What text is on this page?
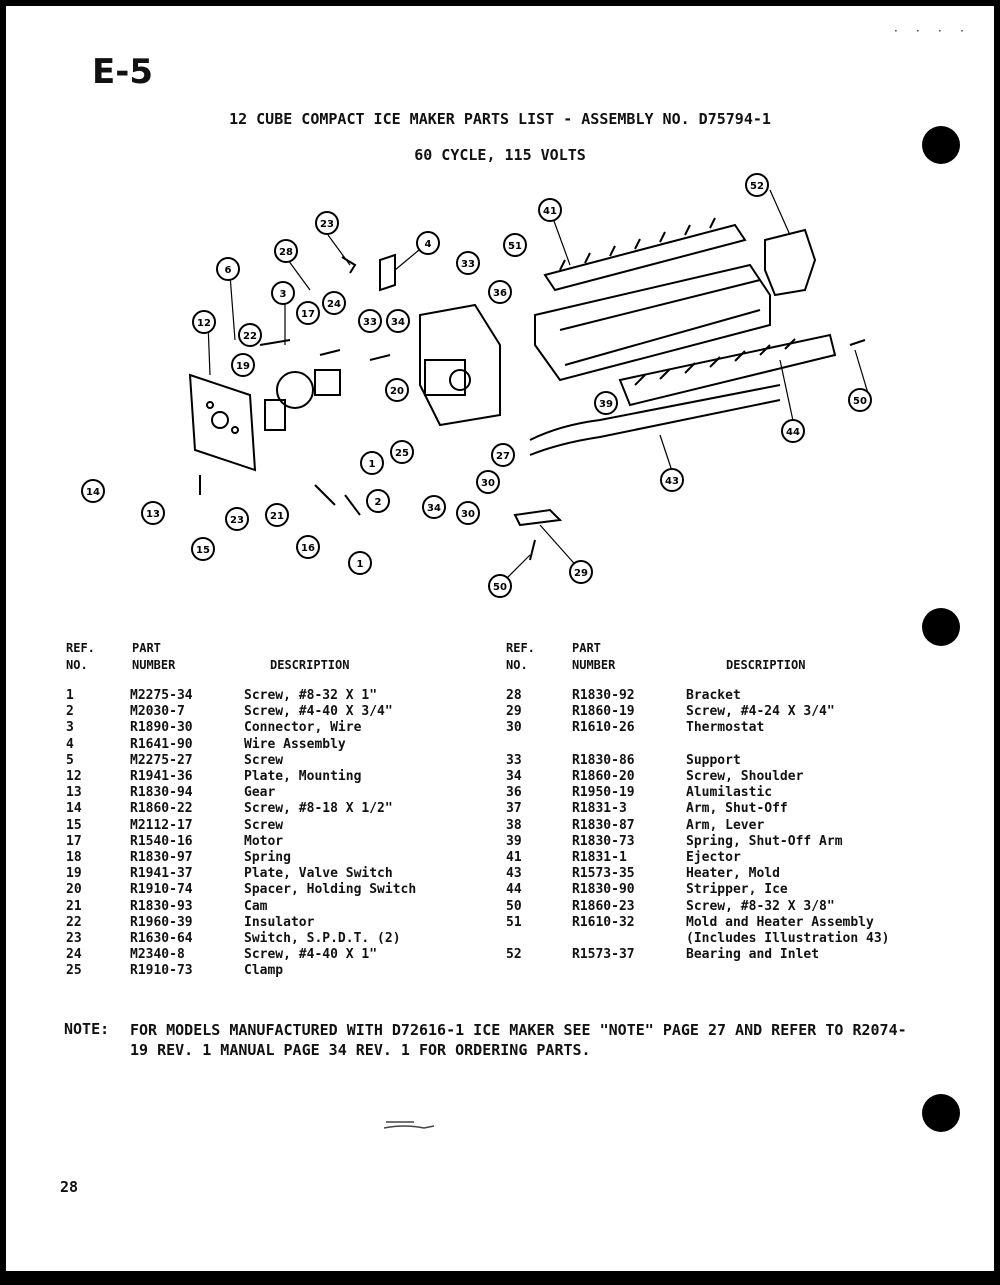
· · · ·
E-5
12 CUBE COMPACT ICE MAKER PARTS LIST - ASSEMBLY NO. D75794-1
60 CYCLE, 115 VOLTS
23
28
4
6
3
24
33
12
17
33 34
22
19
20
36
41
51
52
39	50
44
27
25
1
30	43
14
2
13
23	21
34
30
15	16
1
29
50
REF.
NO.
PART
NUMBER	DESCRIPTION
REF.
NO.
PART
NUMBER	DESCRIPTION
1	M2275-34	Screw, #8-32 X 1"
2	M2030-7	Screw, #4-40 X 3/4"
3	R1890-30	Connector, Wire
4	R1641-90	Wire Assembly
5	M2275-27	Screw
12	R1941-36	Plate, Mounting
13	R1830-94	Gear
14	R1860-22	Screw, #8-18 X 1/2"
15	M2112-17	Screw
17	R1540-16	Motor
18	R1830-97	Spring
19	R1941-37	Plate, Valve Switch
20	R1910-74	Spacer, Holding Switch
21	R1830-93	Cam
22	R1960-39	Insulator
23	R1630-64	Switch, S.P.D.T. (2)
24	M2340-8	Screw, #4-40 X 1"
25	R1910-73	Clamp
28	R1830-92	Bracket
29	R1860-19	Screw, #4-24 X 3/4"
30	R1610-26	Thermostat
33	R1830-86	Support
34	R1860-20	Screw, Shoulder
36	R1950-19	Alumilastic
37	R1831-3	Arm, Shut-Off
38	R1830-87	Arm, Lever
39	R1830-73	Spring, Shut-Off Arm
41	R1831-1	Ejector
43	R1573-35	Heater, Mold
44	R1830-90	Stripper, Ice
50	R1860-23	Screw, #8-32 X 3/8"
51	R1610-32	Mold and Heater Assembly
(Includes Illustration 43)
52	R1573-37	Bearing and Inlet
NOTE: FOR MODELS MANUFACTURED WITH D72616-1 ICE MAKER SEE "NOTE" PAGE 27 AND REFER TO R2074-19 REV. 1 MANUAL PAGE 34 REV. 1 FOR ORDERING PARTS.
28
